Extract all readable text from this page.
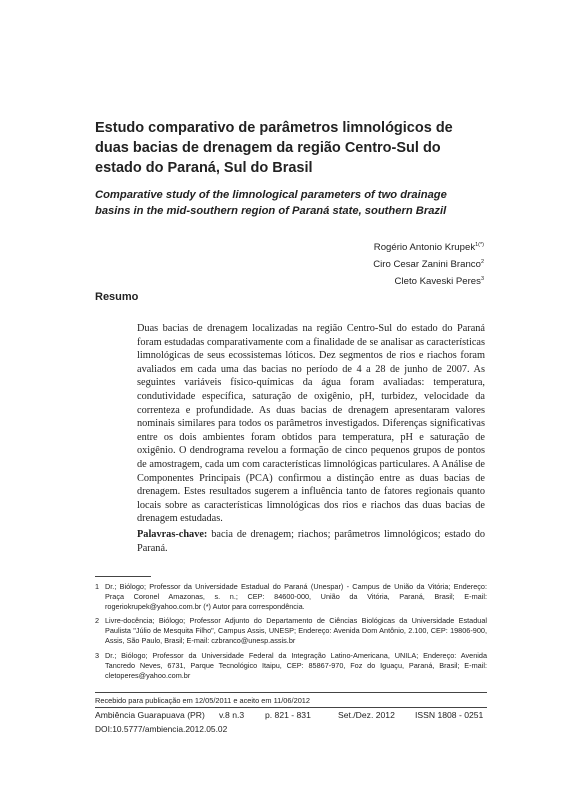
Estudo comparativo de parâmetros limnológicos de duas bacias de drenagem da região Centro-Sul do estado do Paraná, Sul do Brasil
Comparative study of the limnological parameters of two drainage basins in the mid-southern region of Paraná state, southern Brazil
Rogério Antonio Krupek$^{1(*)}$
Ciro Cesar Zanini Branco$^2$
Cleto Kaveski Peres$^3$
Resumo

Duas bacias de drenagem localizadas na região Centro-Sul do estado do Paraná foram estudadas comparativamente com a finalidade de se analisar as características limnológicas de seus ecossistemas lóticos. Dez segmentos de rios e riachos foram avaliados em cada uma das bacias no período de 4 a 28 de junho de 2007. As seguintes variáveis físico-químicas da água foram avaliadas: temperatura, condutividade específica, saturação de oxigênio, pH, turbidez, velocidade da correnteza e profundidade. As duas bacias de drenagem apresentaram valores nominais similares para todos os parâmetros investigados. Diferenças significativas entre os dois ambientes foram obtidos para temperatura, pH e saturação de oxigênio. O dendrograma revelou a formação de cinco pequenos grupos de pontos de amostragem, cada um com características limnológicas particulares. A Análise de Componentes Principais (PCA) confirmou a distinção entre as duas bacias de drenagem. Estes resultados sugerem a influência tanto de fatores regionais quanto locais sobre as características limnológicas dos rios e riachos das duas bacias de drenagem estudadas.

Palavras-chave: bacia de drenagem; riachos; parâmetros limnológicos; estado do Paraná.

1 Dr.; Biólogo; Professor da Universidade Estadual do Paraná (Unespar) - Campus de União da Vitória; Endereço: Praça Coronel Amazonas, s. n.; CEP: 84600-000, União da Vitória, Paraná, Brasil; E-mail: rogeriokrupek@yahoo.com.br (*) Autor para correspondência.
2 Livre-docência; Biólogo; Professor Adjunto do Departamento de Ciências Biológicas da Universidade Estadual Paulista "Júlio de Mesquita Filho", Campus Assis, UNESP; Endereço: Avenida Dom Antônio, 2.100, CEP: 19806-900, Assis, São Paulo, Brasil; E-mail: czbranco@unesp.assis.br
3 Dr.; Biólogo; Professor da Universidade Federal da Integração Latino-Americana, UNILA; Endereço: Avenida Tancredo Neves, 6731, Parque Tecnológico Itaipu, CEP: 85867-970, Foz do Iguaçu, Paraná, Brasil; E-mail: cletoperes@yahoo.com.br
Recebido para publicação em 12/05/2011 e aceito em 11/06/2012
Ambiência Guarapuava (PR) v.8 n.3 p. 821 - 831	Set./Dez. 2012 ISSN 1808 - 0251
DOI:10.5777/ambiencia.2012.05.02
